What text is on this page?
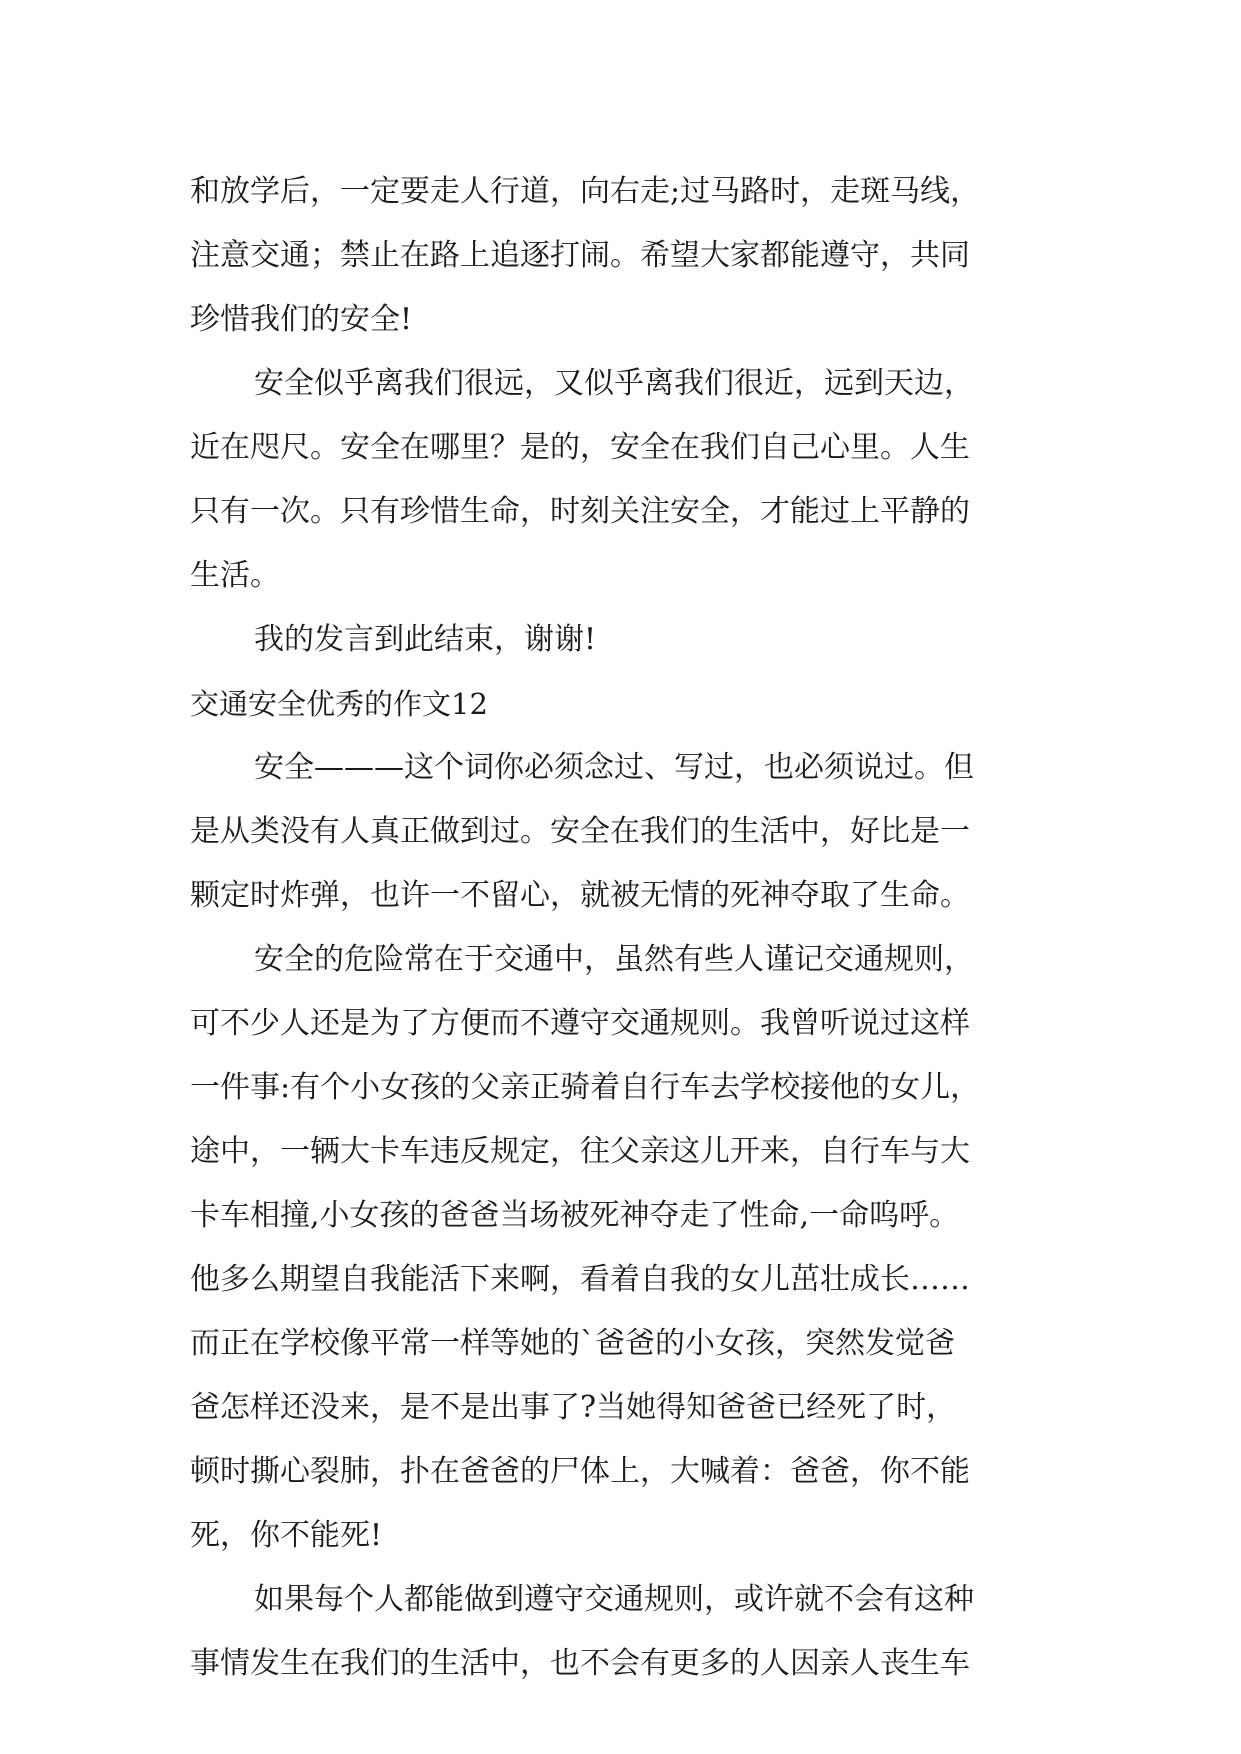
和放学后，一定要走人行道，向右走;过马路时，走斑马线，
注意交通；禁止在路上追逐打闹。希望大家都能遵守，共同
珍惜我们的安全!
安全似乎离我们很远，又似乎离我们很近，远到天边，
近在咫尺。安全在哪里？是的，安全在我们自己心里。人生
只有一次。只有珍惜生命，时刻关注安全，才能过上平静的
生活。
我的发言到此结束，谢谢!
交通安全优秀的作文12
安全———这个词你必须念过、写过，也必须说过。但
是从类没有人真正做到过。安全在我们的生活中，好比是一
颗定时炸弹，也许一不留心，就被无情的死神夺取了生命。
安全的危险常在于交通中，虽然有些人谨记交通规则，
可不少人还是为了方便而不遵守交通规则。我曾听说过这样
一件事:有个小女孩的父亲正骑着自行车去学校接他的女儿，
途中，一辆大卡车违反规定，往父亲这儿开来，自行车与大
卡车相撞,小女孩的爸爸当场被死神夺走了性命,一命呜呼。
他多么期望自我能活下来啊，看着自我的女儿茁壮成长……
而正在学校像平常一样等她的`爸爸的小女孩，突然发觉爸
爸怎样还没来，是不是出事了?当她得知爸爸已经死了时，
顿时撕心裂肺，扑在爸爸的尸体上，大喊着：爸爸，你不能
死，你不能死!
如果每个人都能做到遵守交通规则，或许就不会有这种
事情发生在我们的生活中，也不会有更多的人因亲人丧生车
